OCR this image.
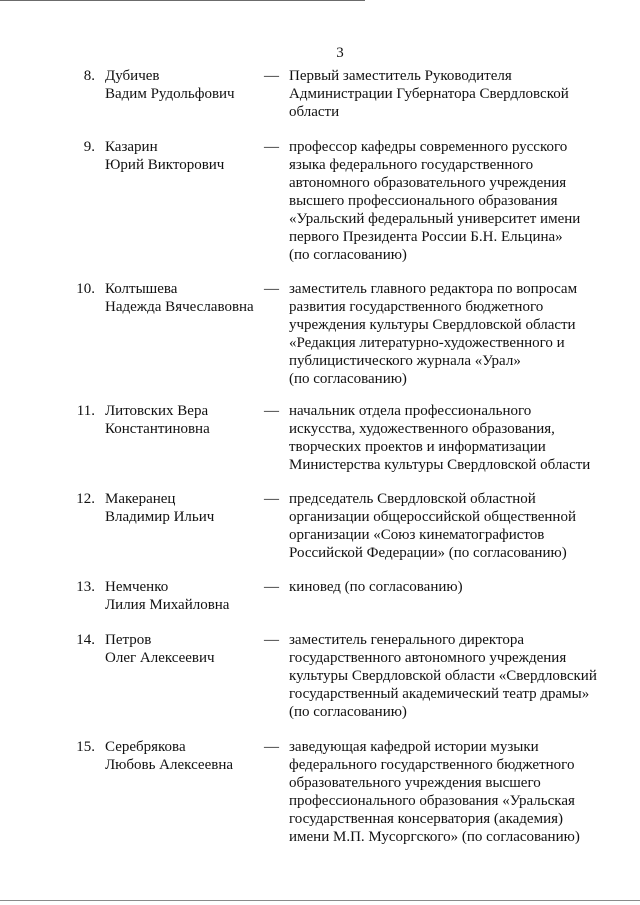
3
8. Дубичев
Вадим Рудольфович
— Первый заместитель Руководителя
Администрации Губернатора Свердловской
области
9. Казарин
Юрий Викторович
— профессор кафедры современного русского
языка федерального государственного
автономного образовательного учреждения
высшего профессионального образования
«Уральский федеральный университет имени
первого Президента России Б.Н. Ельцина»
(по согласованию)
10. Колтышева
Надежда Вячеславовна
— заместитель главного редактора по вопросам
развития государственного бюджетного
учреждения культуры Свердловской области
«Редакция литературно-художественного и
публицистического журнала «Урал»
(по согласованию)
11. Литовских Вера
Константиновна
— начальник отдела профессионального
искусства, художественного образования,
творческих проектов и информатизации
Министерства культуры Свердловской области
12. Макеранец
Владимир Ильич
— председатель Свердловской областной
организации общероссийской общественной
организации «Союз кинематографистов
Российской Федерации» (по согласованию)
13. Немченко
Лилия Михайловна
— киновед (по согласованию)
14. Петров
Олег Алексеевич
— заместитель генерального директора
государственного автономного учреждения
культуры Свердловской области «Свердловский
государственный академический театр драмы»
(по согласованию)
15. Серебрякова
Любовь Алексеевна
— заведующая кафедрой истории музыки
федерального государственного бюджетного
образовательного учреждения высшего
профессионального образования «Уральская
государственная консерватория (академия)
имени М.П. Мусоргского» (по согласованию)
